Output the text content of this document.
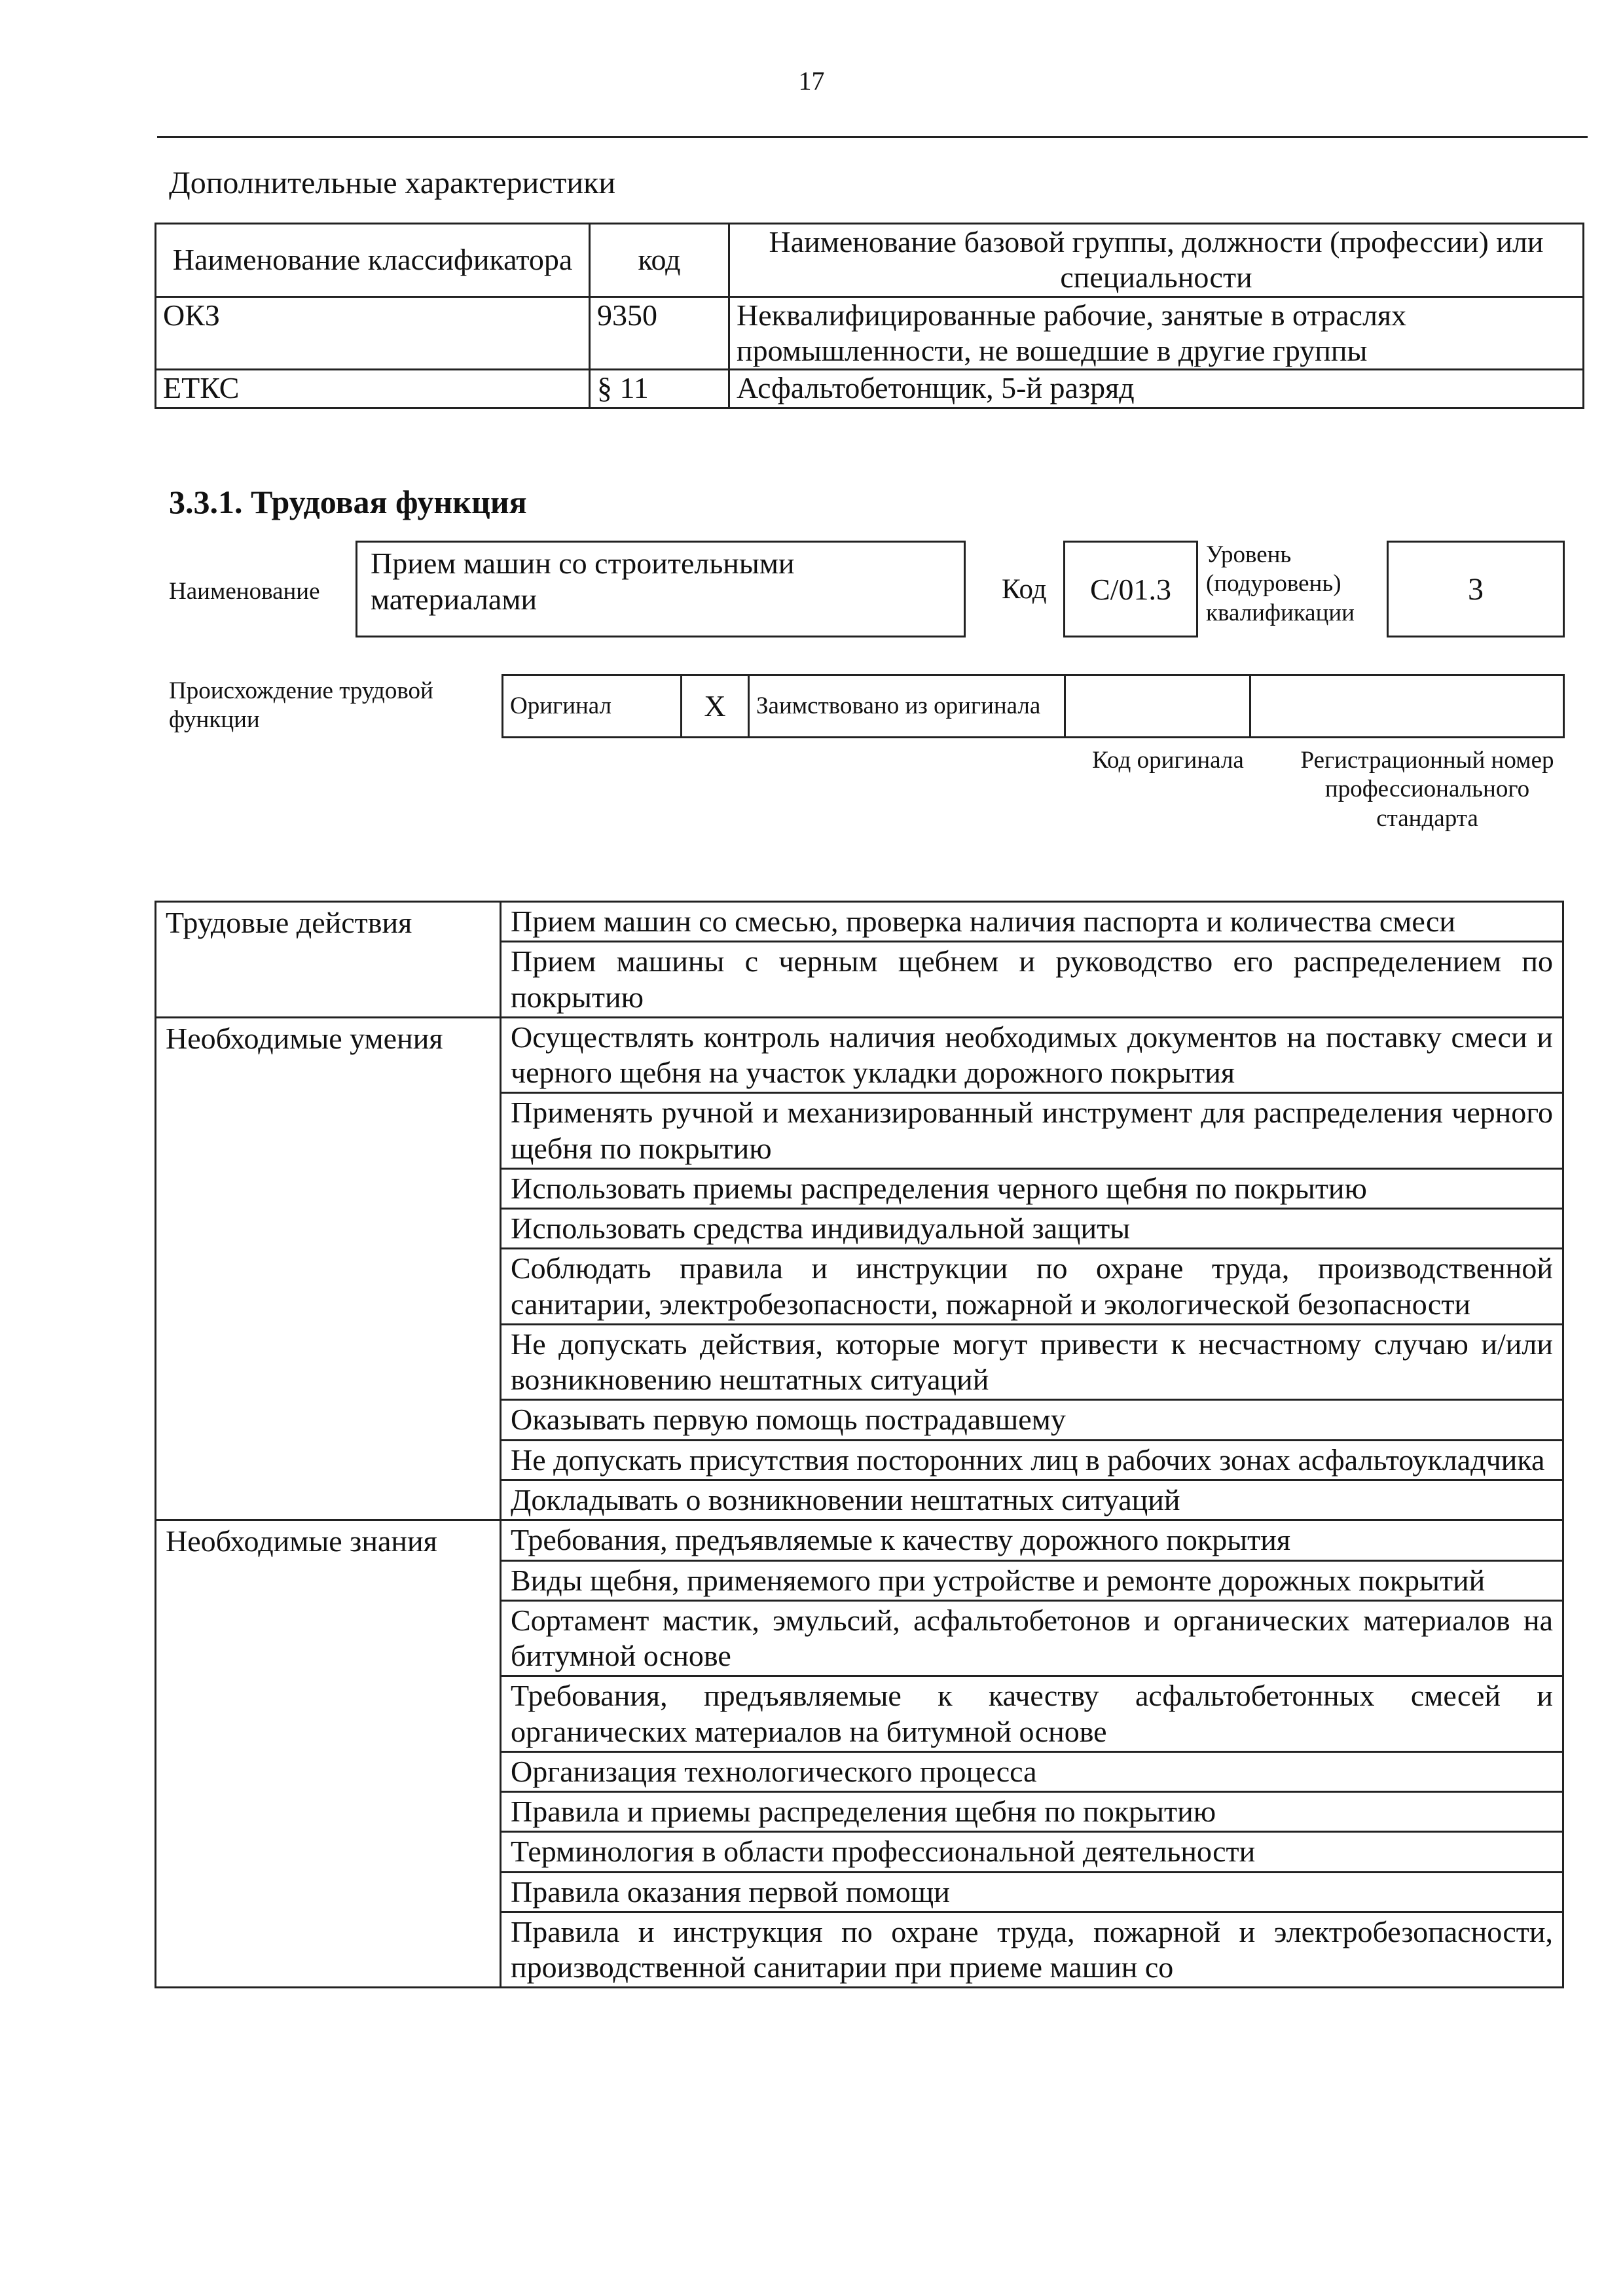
17
Дополнительные характеристики
Наименование классификатора	код	Наименование базовой группы, должности (профессии) или специальности
ОКЗ	9350	Неквалифицированные рабочие, занятые в отраслях промышленности, не вошедшие в другие группы
ЕТКС	§ 11	Асфальтобетонщик, 5-й разряд
3.3.1. Трудовая функция
Наименование
Прием машин со строительными материалами	Код	C/01.3
Уровень (подуровень) квалификации
3
Происхождение трудовой функции
Оригинал	X	Заимствовано из оригинала		
Код оригинала	Регистрационный номер профессионального стандарта
Трудовые действия	Прием машин со смесью, проверка наличия паспорта и количества смеси
	Прием машины с черным щебнем и руководство его распределением по покрытию
Необходимые умения	Осуществлять контроль наличия необходимых документов на поставку смеси и черного щебня на участок укладки дорожного покрытия
	Применять ручной и механизированный инструмент для распределения черного щебня по покрытию
	Использовать приемы распределения черного щебня по покрытию
	Использовать средства индивидуальной защиты
	Соблюдать правила и инструкции по охране труда, производственной санитарии, электробезопасности, пожарной и экологической безопасности
	Не допускать действия, которые могут привести к несчастному случаю и/или возникновению нештатных ситуаций
	Оказывать первую помощь пострадавшему
	Не допускать присутствия посторонних лиц в рабочих зонах асфальтоукладчика
	Докладывать о возникновении нештатных ситуаций
Необходимые знания	Требования, предъявляемые к качеству дорожного покрытия
	Виды щебня, применяемого при устройстве и ремонте дорожных покрытий
	Сортамент мастик, эмульсий, асфальтобетонов и органических материалов на битумной основе
	Требования, предъявляемые к качеству асфальтобетонных смесей и органических материалов на битумной основе
	Организация технологического процесса
	Правила и приемы распределения щебня по покрытию
	Терминология в области профессиональной деятельности
	Правила оказания первой помощи
	Правила и инструкция по охране труда, пожарной и электробезопасности, производственной санитарии при приеме машин со
